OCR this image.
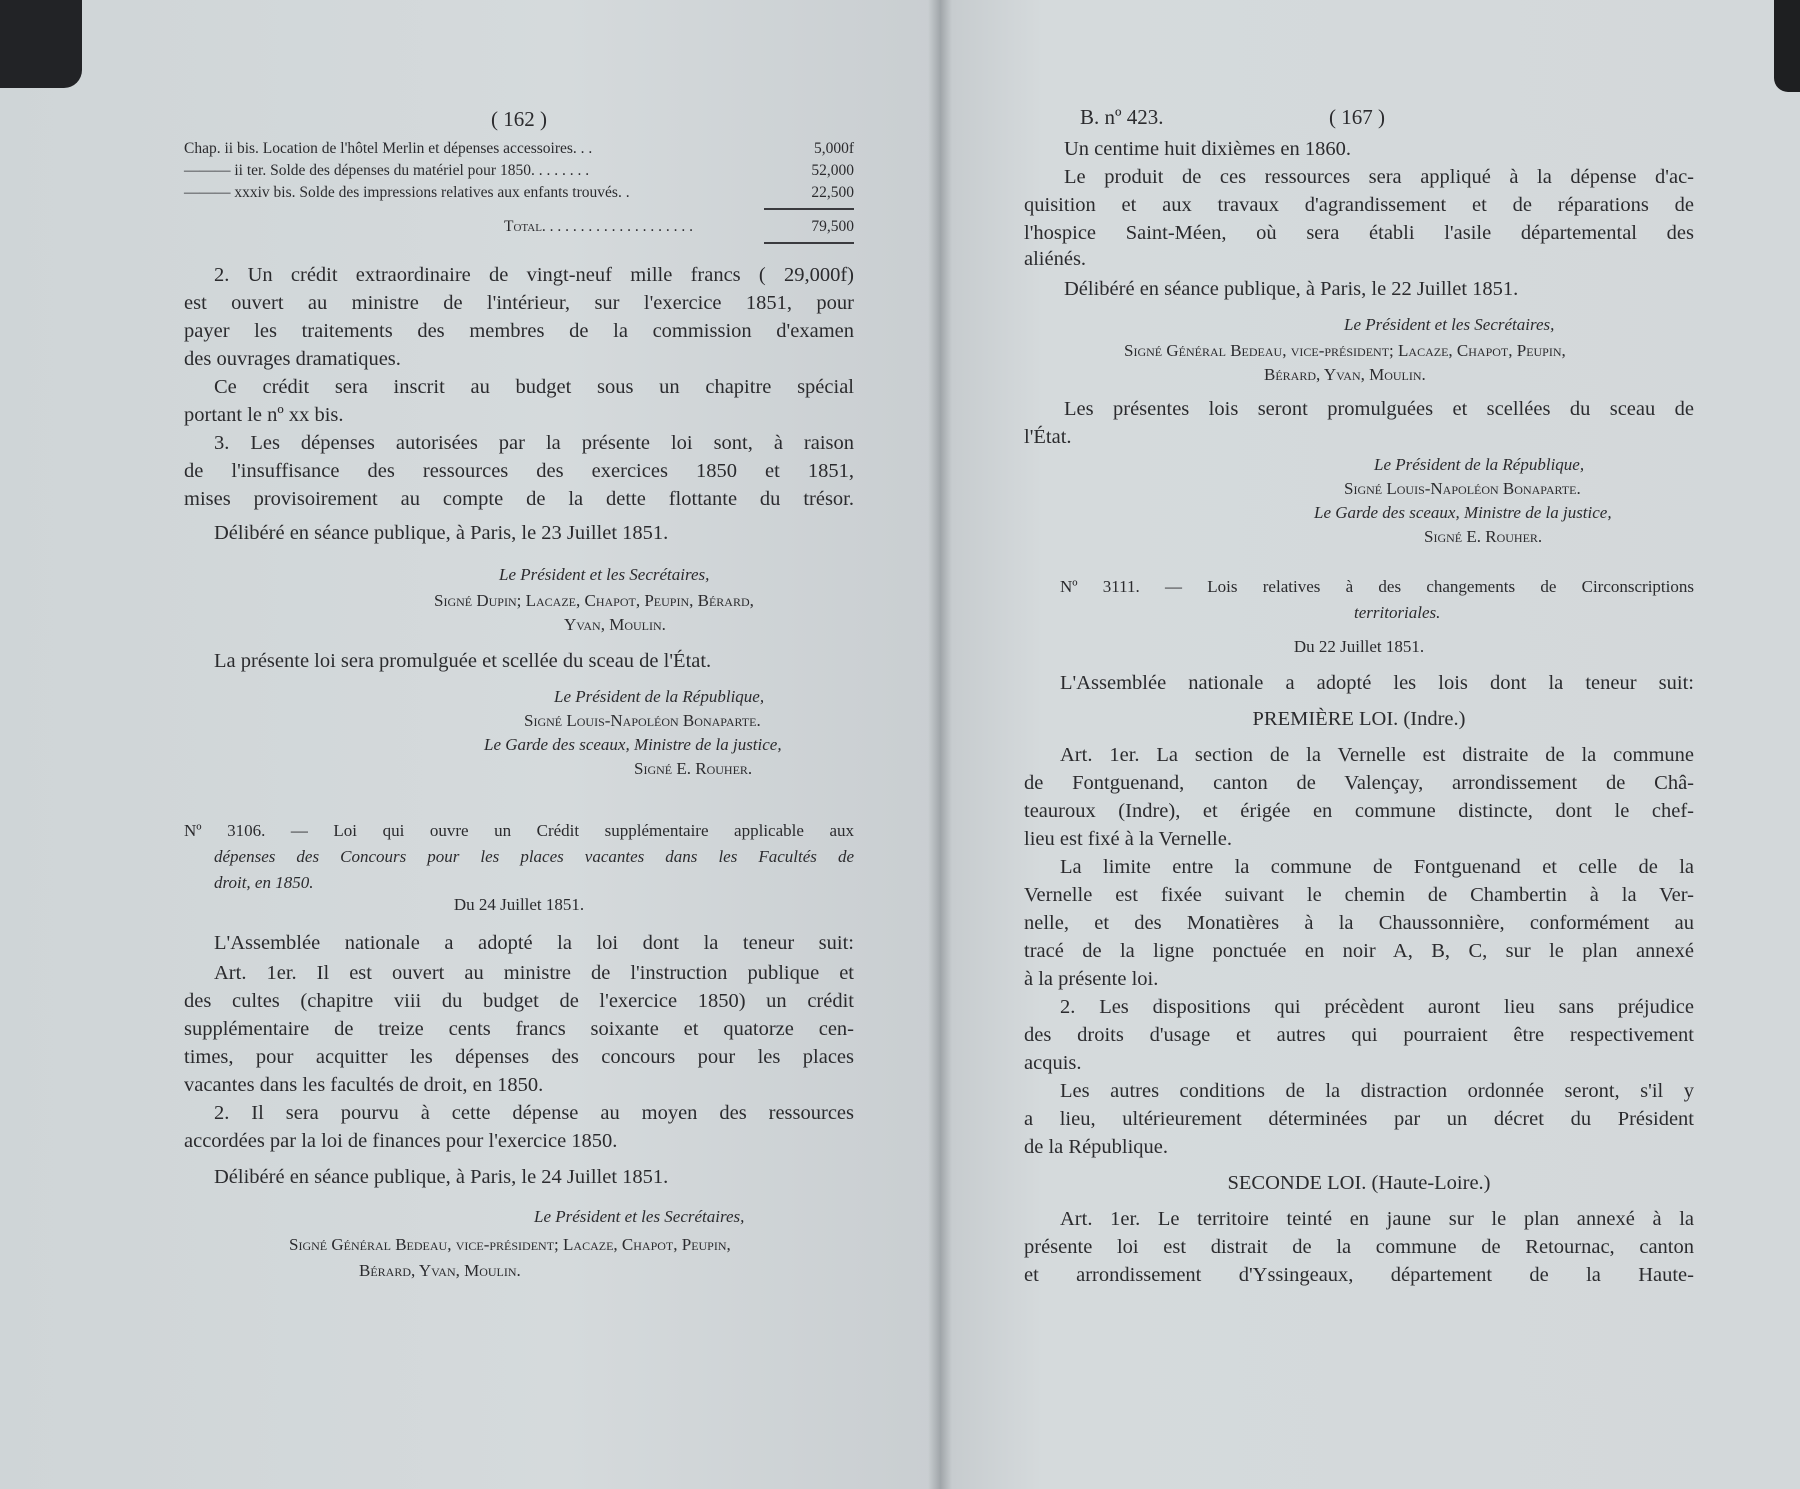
( 162 )
Chap. ii bis. Location de l'hôtel Merlin et dépenses accessoires. . .	5,000f
——— ii ter. Solde des dépenses du matériel pour 1850. . . . . . . .	52,000
——— xxxiv bis. Solde des impressions relatives aux enfants trouvés. .	22,500
Total. . . . . . . . . . . . . . . . . . . .	79,500
2. Un crédit extraordinaire de vingt-neuf mille francs ( 29,000f)
est ouvert au ministre de l'intérieur, sur l'exercice 1851, pour
payer les traitements des membres de la commission d'examen
des ouvrages dramatiques.
Ce crédit sera inscrit au budget sous un chapitre spécial
portant le nº xx bis.
3. Les dépenses autorisées par la présente loi sont, à raison
de l'insuffisance des ressources des exercices 1850 et 1851,
mises provisoirement au compte de la dette flottante du trésor.
Délibéré en séance publique, à Paris, le 23 Juillet 1851.
Le Président et les Secrétaires,
Signé Dupin; Lacaze, Chapot, Peupin, Bérard,
Yvan, Moulin.
La présente loi sera promulguée et scellée du sceau de l'État.
Le Président de la République,
Signé Louis-Napoléon Bonaparte.
Le Garde des sceaux, Ministre de la justice,
Signé E. Rouher.
Nº 3106. — Loi qui ouvre un Crédit supplémentaire applicable aux
dépenses des Concours pour les places vacantes dans les Facultés de
droit, en 1850.
Du 24 Juillet 1851.
L'Assemblée nationale a adopté la loi dont la teneur suit:
Art. 1er. Il est ouvert au ministre de l'instruction publique et
des cultes (chapitre viii du budget de l'exercice 1850) un crédit
supplémentaire de treize cents francs soixante et quatorze cen-
times, pour acquitter les dépenses des concours pour les places
vacantes dans les facultés de droit, en 1850.
2. Il sera pourvu à cette dépense au moyen des ressources
accordées par la loi de finances pour l'exercice 1850.
Délibéré en séance publique, à Paris, le 24 Juillet 1851.
Le Président et les Secrétaires,
Signé Général Bedeau, vice-président; Lacaze, Chapot, Peupin,
Bérard, Yvan, Moulin.
B. nº 423.	( 167 )
Un centime huit dixièmes en 1860.
Le produit de ces ressources sera appliqué à la dépense d'ac-
quisition et aux travaux d'agrandissement et de réparations de
l'hospice Saint-Méen, où sera établi l'asile départemental des
aliénés.
Délibéré en séance publique, à Paris, le 22 Juillet 1851.
Le Président et les Secrétaires,
Signé Général Bedeau, vice-président; Lacaze, Chapot, Peupin,
Bérard, Yvan, Moulin.
Les présentes lois seront promulguées et scellées du sceau de
l'État.
Le Président de la République,
Signé Louis-Napoléon Bonaparte.
Le Garde des sceaux, Ministre de la justice,
Signé E. Rouher.
Nº 3111. — Lois relatives à des changements de Circonscriptions
territoriales.
Du 22 Juillet 1851.
L'Assemblée nationale a adopté les lois dont la teneur suit:
PREMIÈRE LOI. (Indre.)
Art. 1er. La section de la Vernelle est distraite de la commune
de Fontguenand, canton de Valençay, arrondissement de Châ-
teauroux (Indre), et érigée en commune distincte, dont le chef-
lieu est fixé à la Vernelle.
La limite entre la commune de Fontguenand et celle de la
Vernelle est fixée suivant le chemin de Chambertin à la Ver-
nelle, et des Monatières à la Chaussonnière, conformément au
tracé de la ligne ponctuée en noir A, B, C, sur le plan annexé
à la présente loi.
2. Les dispositions qui précèdent auront lieu sans préjudice
des droits d'usage et autres qui pourraient être respectivement
acquis.
Les autres conditions de la distraction ordonnée seront, s'il y
a lieu, ultérieurement déterminées par un décret du Président
de la République.
SECONDE LOI. (Haute-Loire.)
Art. 1er. Le territoire teinté en jaune sur le plan annexé à la
présente loi est distrait de la commune de Retournac, canton
et arrondissement d'Yssingeaux, département de la Haute-
